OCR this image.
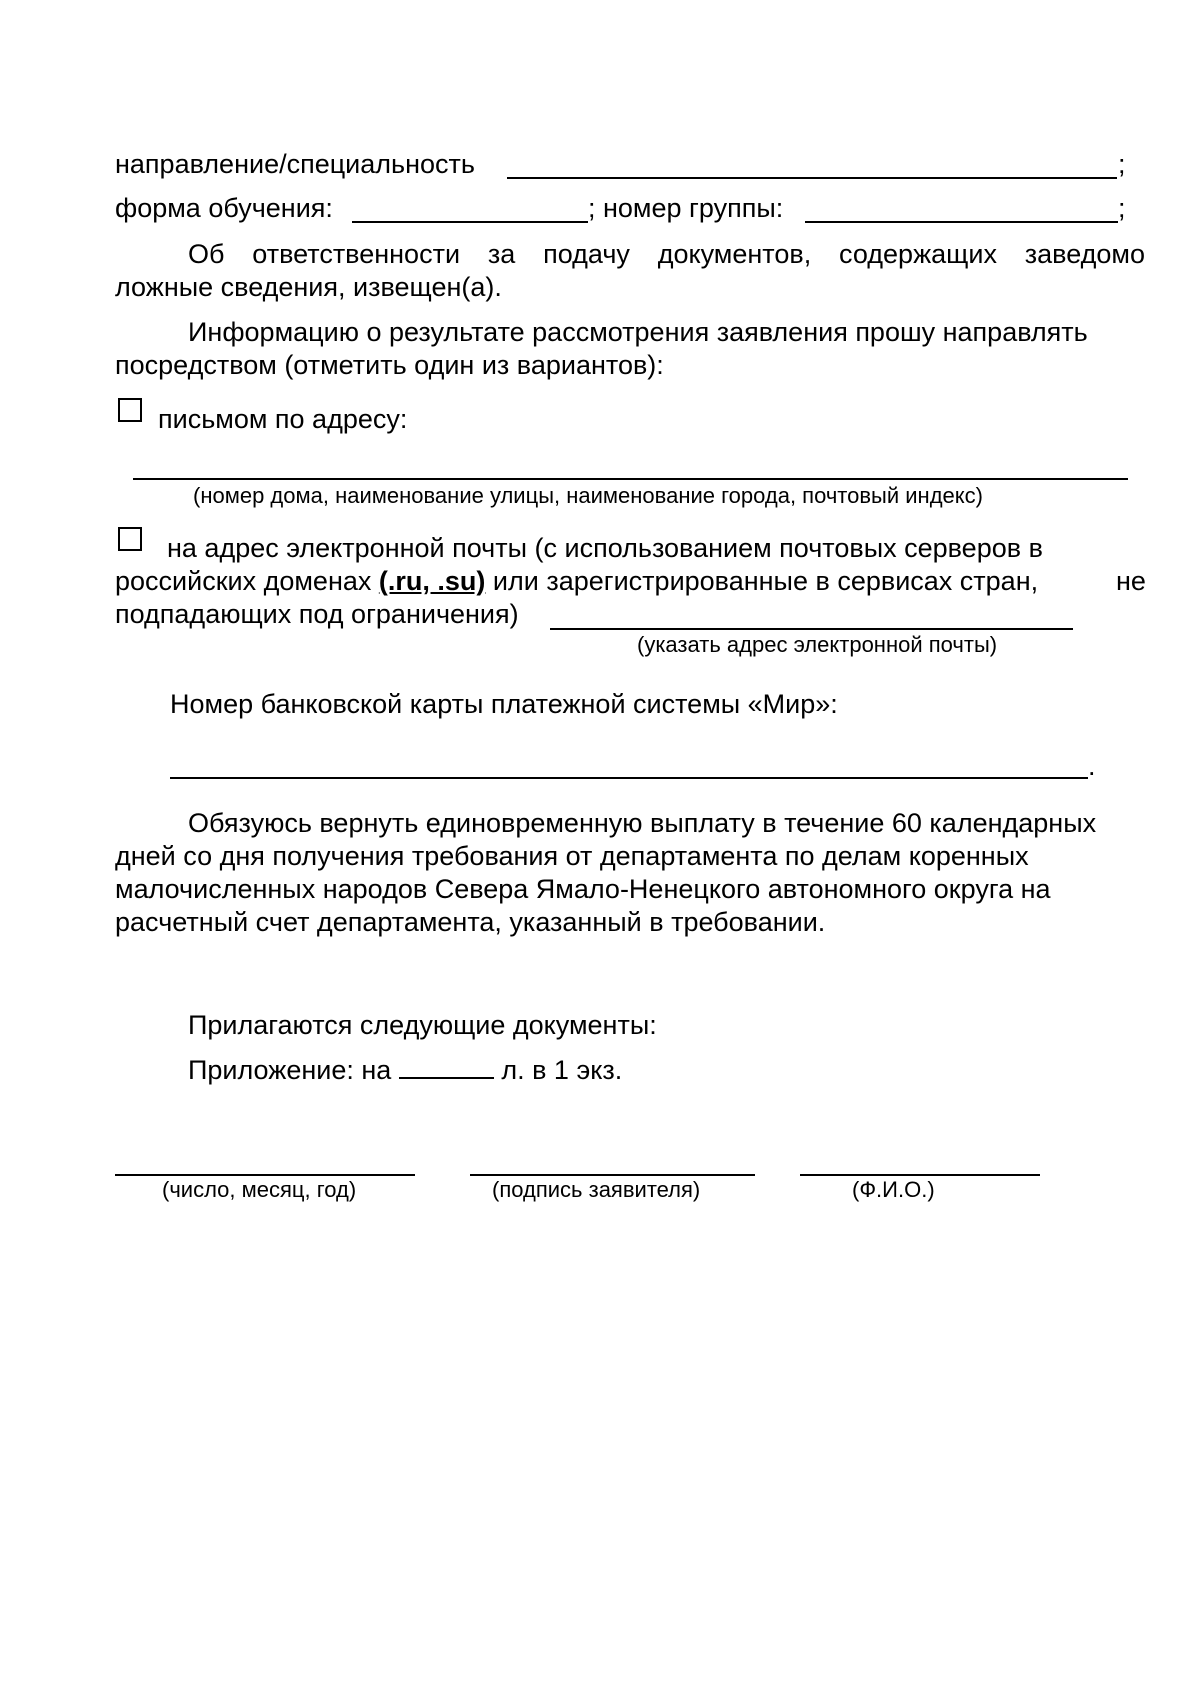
направление/специальность	;
форма обучения:	; номер группы:	;
Об ответственности за подачу документов, содержащих заведомо
ложные сведения, извещен(а).
Информацию о результате рассмотрения заявления прошу направлять
посредством (отметить один из вариантов):
письмом по адресу:
(номер дома, наименование улицы, наименование города, почтовый индекс)
на адрес электронной почты (с использованием почтовых серверов в
российских доменах (.ru, .su) или зарегистрированные в сервисах стран,	не
подпадающих под ограничения)
(указать адрес электронной почты)
Номер банковской карты платежной системы «Мир»:
.
Обязуюсь вернуть единовременную выплату в течение 60 календарных
дней со дня получения требования от департамента по делам коренных
малочисленных народов Севера Ямало-Ненецкого автономного округа на
расчетный счет департамента, указанный в требовании.
Прилагаются следующие документы:
Приложение: на	л. в 1 экз.
(число, месяц, год)	(подпись заявителя)	(Ф.И.О.)
